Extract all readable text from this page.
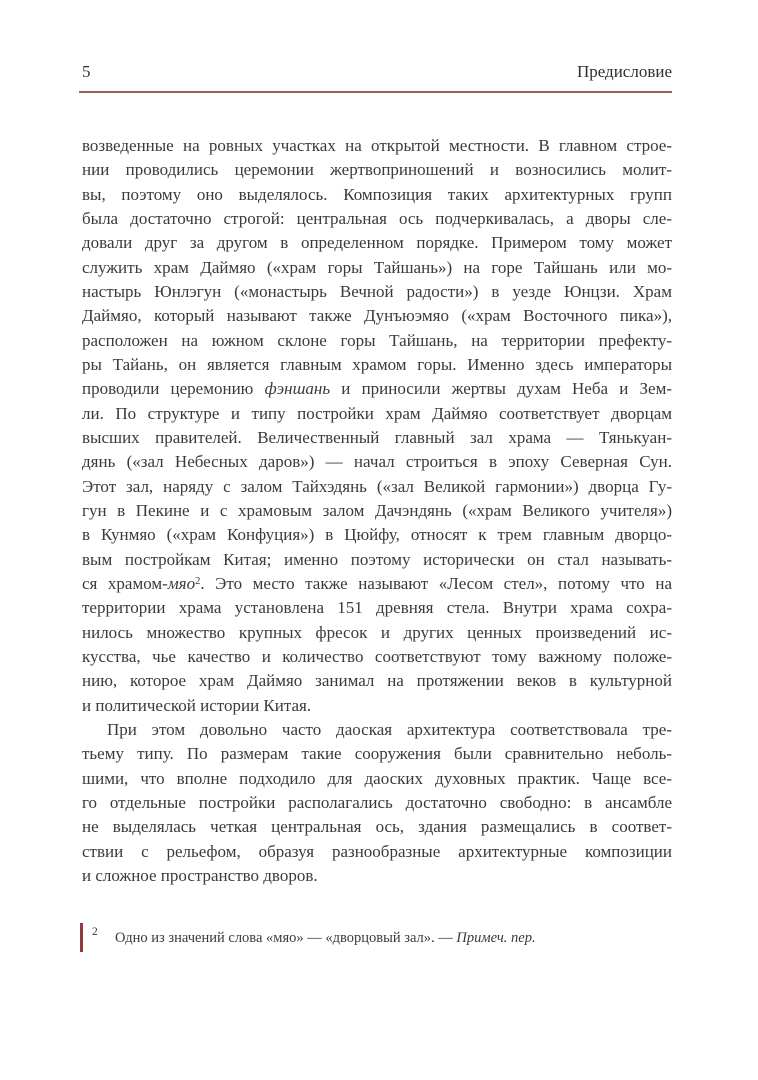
5	Предисловие
возведенные на ровных участках на открытой местности. В главном строе-
нии проводились церемонии жертвоприношений и возносились молит-
вы, поэтому оно выделялось. Композиция таких архитектурных групп
была достаточно строгой: центральная ось подчеркивалась, а дворы сле-
довали друг за другом в определенном порядке. Примером тому может
служить храм Даймяо («храм горы Тайшань») на горе Тайшань или мо-
настырь Юнлэгун («монастырь Вечной радости») в уезде Юнцзи. Храм
Даймяо, который называют также Дунъюэмяо («храм Восточного пика»),
расположен на южном склоне горы Тайшань, на территории префекту-
ры Тайань, он является главным храмом горы. Именно здесь императоры
проводили церемонию фэншань и приносили жертвы духам Неба и Зем-
ли. По структуре и типу постройки храм Даймяо соответствует дворцам
высших правителей. Величественный главный зал храма — Тянькуан-
дянь («зал Небесных даров») — начал строиться в эпоху Северная Сун.
Этот зал, наряду с залом Тайхэдянь («зал Великой гармонии») дворца Гу-
гун в Пекине и с храмовым залом Дачэндянь («храм Великого учителя»)
в Кунмяо («храм Конфуция») в Цюйфу, относят к трем главным дворцо-
вым постройкам Китая; именно поэтому исторически он стал называть-
ся храмом-мяо$^2$. Это место также называют «Лесом стел», потому что на
территории храма установлена 151 древняя стела. Внутри храма сохра-
нилось множество крупных фресок и других ценных произведений ис-
кусства, чье качество и количество соответствуют тому важному положе-
нию, которое храм Даймяо занимал на протяжении веков в культурной
и политической истории Китая.
При этом довольно часто даоская архитектура соответствовала тре-
тьему типу. По размерам такие сооружения были сравнительно неболь-
шими, что вполне подходило для даоских духовных практик. Чаще все-
го отдельные постройки располагались достаточно свободно: в ансамбле
не выделялась четкая центральная ось, здания размещались в соответ-
ствии с рельефом, образуя разнообразные архитектурные композиции
и сложное пространство дворов.
2 Одно из значений слова «мяо» — «дворцовый зал». — Примеч. пер.
